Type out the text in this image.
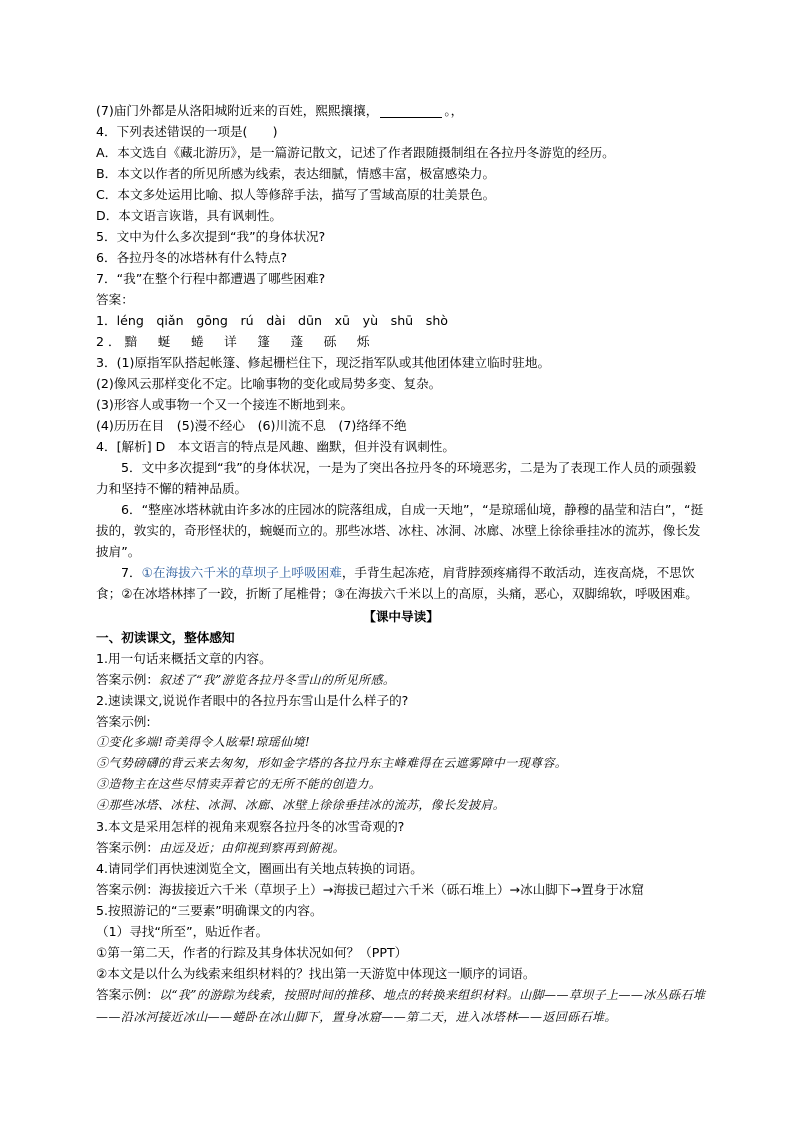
(7)庙门外都是从洛阳城附近来的百姓，熙熙攘攘，	。，
4．下列表述错误的一项是(　　)
A．本文选自《藏北游历》，是一篇游记散文，记述了作者跟随摄制组在各拉丹冬游览的经历。
B．本文以作者的所见所感为线索，表达细腻，情感丰富，极富感染力。
C．本文多处运用比喻、拟人等修辞手法，描写了雪域高原的壮美景色。
D．本文语言诙谐，具有讽刺性。
5．文中为什么多次提到“我”的身体状况?
6．各拉丹冬的冰塔林有什么特点?
7．“我”在整个行程中都遭遇了哪些困难?
答案：
1．léng　qiǎn　gōng　rú　dài　dūn　xū　yù　shū　shò
2．黯　蜒　蜷　详　篷　蓬　砾　烁
3．(1)原指军队搭起帐篷、修起栅栏住下，现泛指军队或其他团体建立临时驻地。
(2)像风云那样变化不定。比喻事物的变化或局势多变、复杂。
(3)形容人或事物一个又一个接连不断地到来。
(4)历历在目　(5)漫不经心　(6)川流不息　(7)络绎不绝
4．[解析] D　本文语言的特点是风趣、幽默，但并没有讽刺性。
5．文中多次提到“我”的身体状况，一是为了突出各拉丹冬的环境恶劣，二是为了表现工作人员的顽强毅力和坚持不懈的精神品质。
6．“整座冰塔林就由许多冰的庄园冰的院落组成，自成一天地”，“是琼瑶仙境，静穆的晶莹和洁白”，“挺拔的，敦实的，奇形怪状的，蜿蜒而立的。那些冰塔、冰柱、冰洞、冰廊、冰壁上徐徐垂挂冰的流苏，像长发披肩”。
7．①在海拔六千米的草坝子上呼吸困难，手背生起冻疮，肩背脖颈疼痛得不敢活动，连夜高烧，不思饮食；②在冰塔林摔了一跤，折断了尾椎骨；③在海拔六千米以上的高原，头痛，恶心，双脚绵软，呼吸困难。
【课中导读】
一、初读课文，整体感知
1.用一句话来概括文章的内容。
答案示例：叙述了“我”游览各拉丹冬雪山的所见所感。
2.速读课文,说说作者眼中的各拉丹东雪山是什么样子的?
答案示例:
①变化多端!奇美得令人眩晕!琼瑶仙境!
⑤气势磅礴的背云来去匆匆，形如金字塔的各拉丹东主峰难得在云遮雾障中一现尊容。
③造物主在这些尽情卖弄着它的无所不能的创造力。
④那些冰塔、冰柱、冰洞、冰廊、冰壁上徐徐垂挂冰的流苏，像长发披肩。
3.本文是采用怎样的视角来观察各拉丹冬的冰雪奇观的?
答案示例：由远及近；由仰视到察再到俯视。
4.请同学们再快速浏览全文，圈画出有关地点转换的词语。
答案示例：海拔接近六千米（草坝子上）→海拔已超过六千米（砾石堆上）→冰山脚下→置身于冰窟
5.按照游记的“三要素”明确课文的内容。
（1）寻找“所至”，贴近作者。
①第一第二天，作者的行踪及其身体状况如何？（PPT）
②本文是以什么为线索来组织材料的？找出第一天游览中体现这一顺序的词语。
答案示例：以“我”的游踪为线索，按照时间的推移、地点的转换来组织材料。山脚——草坝子上——冰丛砾石堆——沿冰河接近冰山——蜷卧在冰山脚下，置身冰窟——第二天，进入冰塔林——返回砾石堆。
